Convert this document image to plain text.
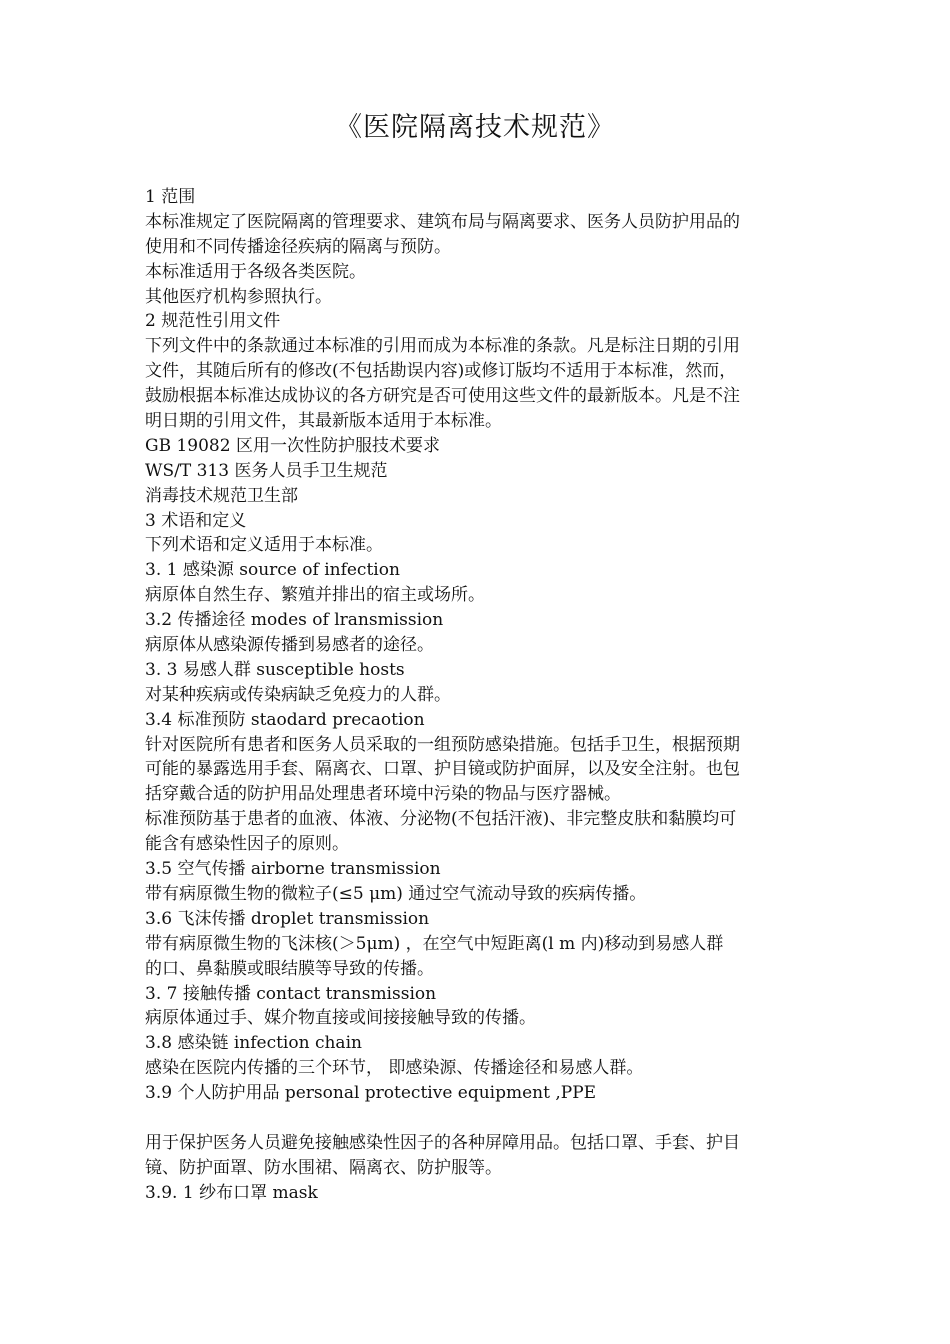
《医院隔离技术规范》
1 范围
本标准规定了医院隔离的管理要求、建筑布局与隔离要求、医务人员防护用品的
使用和不同传播途径疾病的隔离与预防。
本标准适用于各级各类医院。
其他医疗机构参照执行。
2 规范性引用文件
下列文件中的条款通过本标准的引用而成为本标准的条款。凡是标注日期的引用
文件，其随后所有的修改(不包括勘误内容)或修订版均不适用于本标准，然而，
鼓励根据本标准达成协议的各方研究是否可使用这些文件的最新版本。凡是不注
明日期的引用文件，其最新版本适用于本标准。
GB 19082 区用一次性防护服技术要求
WS/T 313 医务人员手卫生规范
消毒技术规范卫生部
3 术语和定义
下列术语和定义适用于本标准。
3. 1 感染源 source of infection
病原体自然生存、繁殖并排出的宿主或场所。
3.2 传播途径 modes of lransmission
病原体从感染源传播到易感者的途径。
3. 3 易感人群 susceptible hosts
对某种疾病或传染病缺乏免疫力的人群。
3.4 标准预防 staodard precaotion
针对医院所有患者和医务人员采取的一组预防感染措施。包括手卫生，根据预期
可能的暴露选用手套、隔离衣、口罩、护目镜或防护面屏，以及安全注射。也包
括穿戴合适的防护用品处理患者环境中污染的物品与医疗器械。
标准预防基于患者的血液、体液、分泌物(不包括汗液)、非完整皮肤和黏膜均可
能含有感染性因子的原则。
3.5 空气传播 airborne transmission
带有病原微生物的微粒子(≤5 μm) 通过空气流动导致的疾病传播。
3.6 飞沫传播 droplet transmission
带有病原微生物的飞沫核(＞5μm) ，在空气中短距离(l m 内)移动到易感人群
的口、鼻黏膜或眼结膜等导致的传播。
3. 7 接触传播 contact transmission
病原体通过手、媒介物直接或间接接触导致的传播。
3.8 感染链 infection chain
感染在医院内传播的三个环节， 即感染源、传播途径和易感人群。
3.9 个人防护用品 personal protective equipment ,PPE
用于保护医务人员避免接触感染性因子的各种屏障用品。包括口罩、手套、护目
镜、防护面罩、防水围裙、隔离衣、防护服等。
3.9. 1 纱布口罩 mask
